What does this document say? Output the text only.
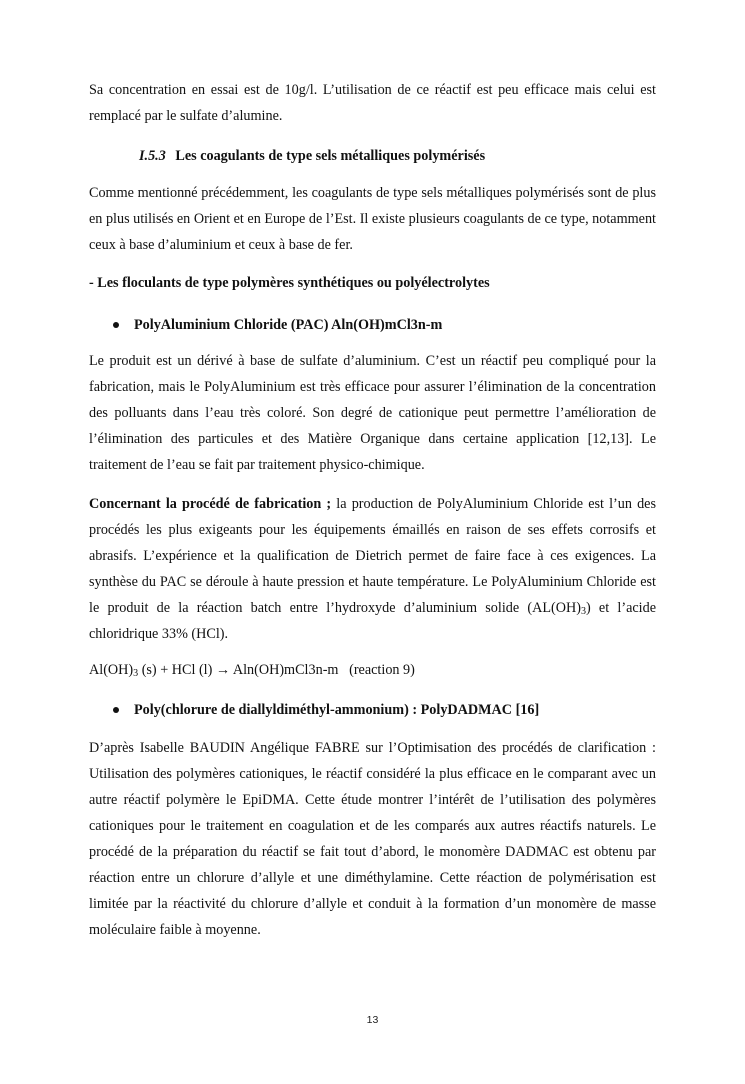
Sa concentration en essai est de 10g/l. L’utilisation de ce réactif est peu efficace mais celui est remplacé par le sulfate d’alumine.

I.5.3 Les coagulants de type sels métalliques polymérisés

Comme mentionné précédemment, les coagulants de type sels métalliques polymérisés sont de plus en plus utilisés en Orient et en Europe de l’Est. Il existe plusieurs coagulants de ce type, notamment ceux à base d’aluminium et ceux à base de fer.

- Les floculants de type polymères synthétiques ou polyélectrolytes
PolyAluminium Chloride (PAC) Aln(OH)mCl3n-m

Le produit est un dérivé à base de sulfate d’aluminium. C’est un réactif peu compliqué pour la fabrication, mais le PolyAluminium est très efficace pour assurer l’élimination de la concentration des polluants dans l’eau très coloré. Son degré de cationique peut permettre l’amélioration de l’élimination des particules et des Matière Organique dans certaine application [12,13]. Le traitement de l’eau se fait par traitement physico-chimique.

Concernant la procédé de fabrication ; la production de PolyAluminium Chloride est l’un des procédés les plus exigeants pour les équipements émaillés en raison de ses effets corrosifs et abrasifs. L’expérience et la qualification de Dietrich permet de faire face à ces exigences. La synthèse du PAC se déroule à haute pression et haute température. Le PolyAluminium Chloride est le produit de la réaction batch entre l’hydroxyde d’aluminium solide $(AL(OH)_3)$ et l’acide chloridrique 33% (HCl).

$Al(OH)_3$ (s) + HCl (l) → Aln(OH)mCl3n-m   (reaction 9)
Poly(chlorure de diallyldiméthyl-ammonium) : PolyDADMAC [16]

D’après Isabelle BAUDIN Angélique FABRE sur l’Optimisation des procédés de clarification : Utilisation des polymères cationiques, le réactif considéré la plus efficace en le comparant avec un autre réactif polymère le EpiDMA. Cette étude montrer l’intérêt de l’utilisation des polymères cationiques pour le traitement en coagulation et de les comparés aux autres réactifs naturels. Le procédé de la préparation du réactif se fait tout d’abord, le monomère DADMAC est obtenu par réaction entre un chlorure d’allyle et une diméthylamine. Cette réaction de polymérisation est limitée par la réactivité du chlorure d’allyle et conduit à la formation d’un monomère de masse moléculaire faible à moyenne.

13
